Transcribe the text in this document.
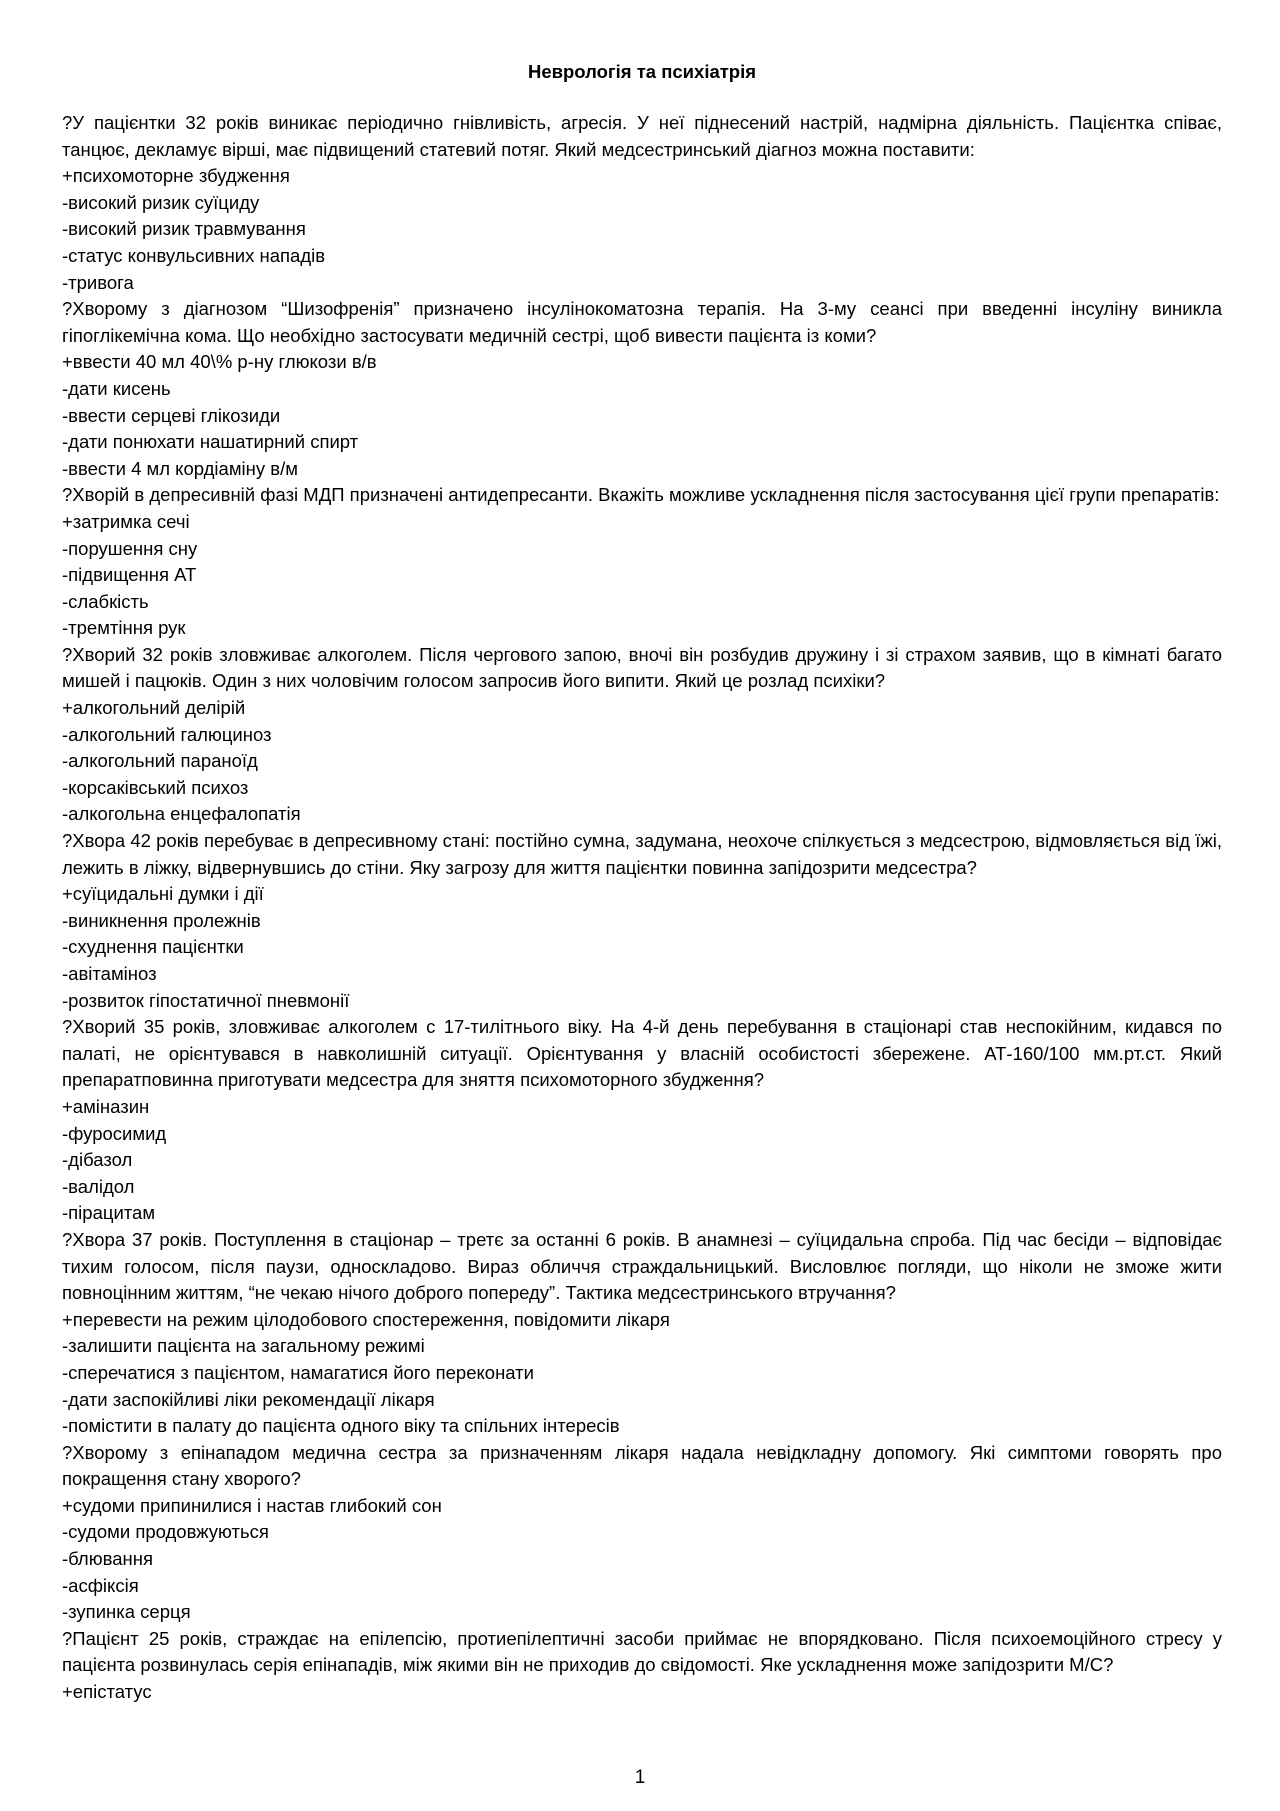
Неврологія та психіатрія

?У пацієнтки 32 років виникає періодично гнівливість, агресія. У неї піднесений настрій, надмірна діяльність. Пацієнтка співає, танцює, декламує вірші, має підвищений статевий потяг. Який медсестринський діагноз можна поставити:

+психомоторне збудження

-високий ризик суїциду

-високий ризик травмування

-статус конвульсивних нападів

-тривога

?Хворому з діагнозом “Шизофренія” призначено інсулінокоматозна терапія. На 3-му сеансі при введенні інсуліну виникла гіпоглікемічна кома. Що необхідно застосувати медичній сестрі, щоб вивести пацієнта із коми?

+ввести 40 мл 40\% р-ну глюкози в/в

-дати кисень

-ввести серцеві глікозиди

-дати понюхати нашатирний спирт

-ввести 4 мл кордіаміну в/м

?Хворій в депресивній фазі МДП призначені антидепресанти. Вкажіть можливе ускладнення після застосування цієї групи препаратів:

+затримка сечі

-порушення сну

-підвищення АТ

-слабкість

-тремтіння рук

?Хворий 32 років зловживає алкоголем. Після чергового запою, вночі він розбудив дружину і зі страхом заявив, що в кімнаті багато мишей і пацюків. Один з них чоловічим голосом запросив його випити. Який це розлад психіки?

+алкогольний делірій

-алкогольний галюциноз

-алкогольний параноїд

-корсаківський психоз

-алкогольна енцефалопатія

?Хвора 42 років перебуває в депресивному стані: постійно сумна, задумана, неохоче спілкується з медсестрою, відмовляється від їжі, лежить в ліжку, відвернувшись до стіни. Яку загрозу для життя пацієнтки повинна запідозрити медсестра?

+суїцидальні думки і дії

-виникнення пролежнів

-схуднення пацієнтки

-авітаміноз

-розвиток гіпостатичної пневмонії

?Хворий 35 років, зловживає алкоголем с 17-тилітнього віку. На 4-й день перебування в стаціонарі став неспокійним, кидався по палаті, не орієнтувався в навколишній ситуації. Орієнтування у власній особистості збережене. АТ-160/100 мм.рт.ст. Який препаратповинна приготувати медсестра для зняття психомоторного збудження?

+аміназин

-фуросимид

-дібазол

-валідол

-пірацитам

?Хвора 37 років. Поступлення в стаціонар – третє за останні 6 років. В анамнезі – суїцидальна спроба. Під час бесіди – відповідає тихим голосом, після паузи, односкладово. Вираз обличчя страждальницький. Висловлює погляди, що ніколи не зможе жити повноцінним життям, “не чекаю нічого доброго попереду”. Тактика медсестринського втручання?

+перевести на режим цілодобового спостереження, повідомити лікаря

-залишити пацієнта на загальному режимі

-сперечатися з пацієнтом, намагатися його переконати

-дати заспокійливі ліки рекомендації лікаря

-помістити в палату до пацієнта одного віку та спільних інтересів

?Хворому з епінападом медична сестра за призначенням лікаря надала невідкладну допомогу. Які симптоми говорять про покращення стану хворого?

+судоми припинилися і настав глибокий сон

-судоми продовжуються

-блювання

-асфіксія

-зупинка серця

?Пацієнт 25 років, страждає на епілепсію, протиепілептичні засоби приймає не впорядковано. Після психоемоційного стресу у пацієнта розвинулась серія епінападів, між якими він не приходив до свідомості. Яке ускладнення може запідозрити М/С?

+епістатус

1
